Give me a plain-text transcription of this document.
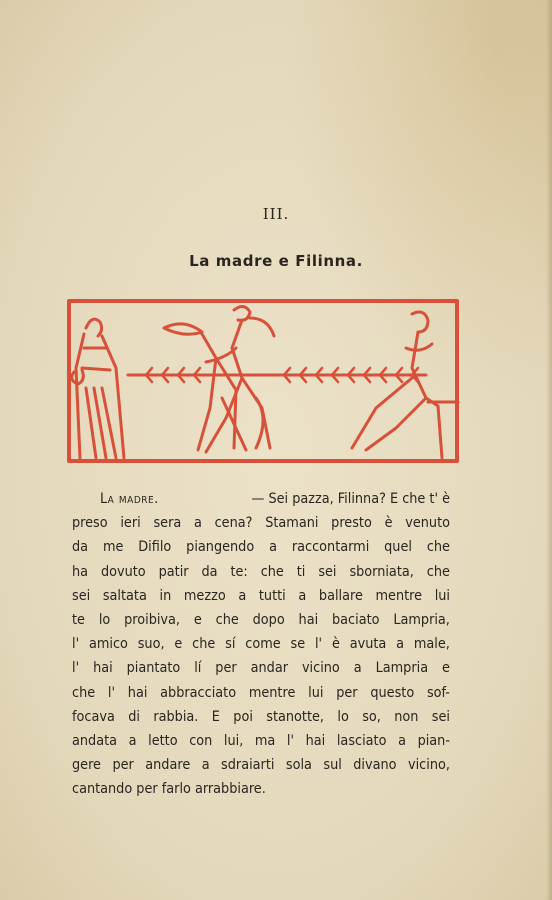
III.
La madre e Filinna.
La madre.	— Sei pazza, Filinna? E che t' è
preso ieri sera a cena? Stamani presto è venuto
da me Difilo piangendo a raccontarmi quel che
ha dovuto patir da te: che ti sei sborniata, che
sei saltata in mezzo a tutti a ballare mentre lui
te lo proibiva, e che dopo hai baciato Lampria,
l' amico suo, e che sí come se l' è avuta a male,
l' hai piantato lí per andar vicino a Lampria e
che l' hai abbracciato mentre lui per questo sof-
focava di rabbia. E poi stanotte, lo so, non sei
andata a letto con lui, ma l' hai lasciato a pian-
gere per andare a sdraiarti sola sul divano vicino,
cantando per farlo arrabbiare.
